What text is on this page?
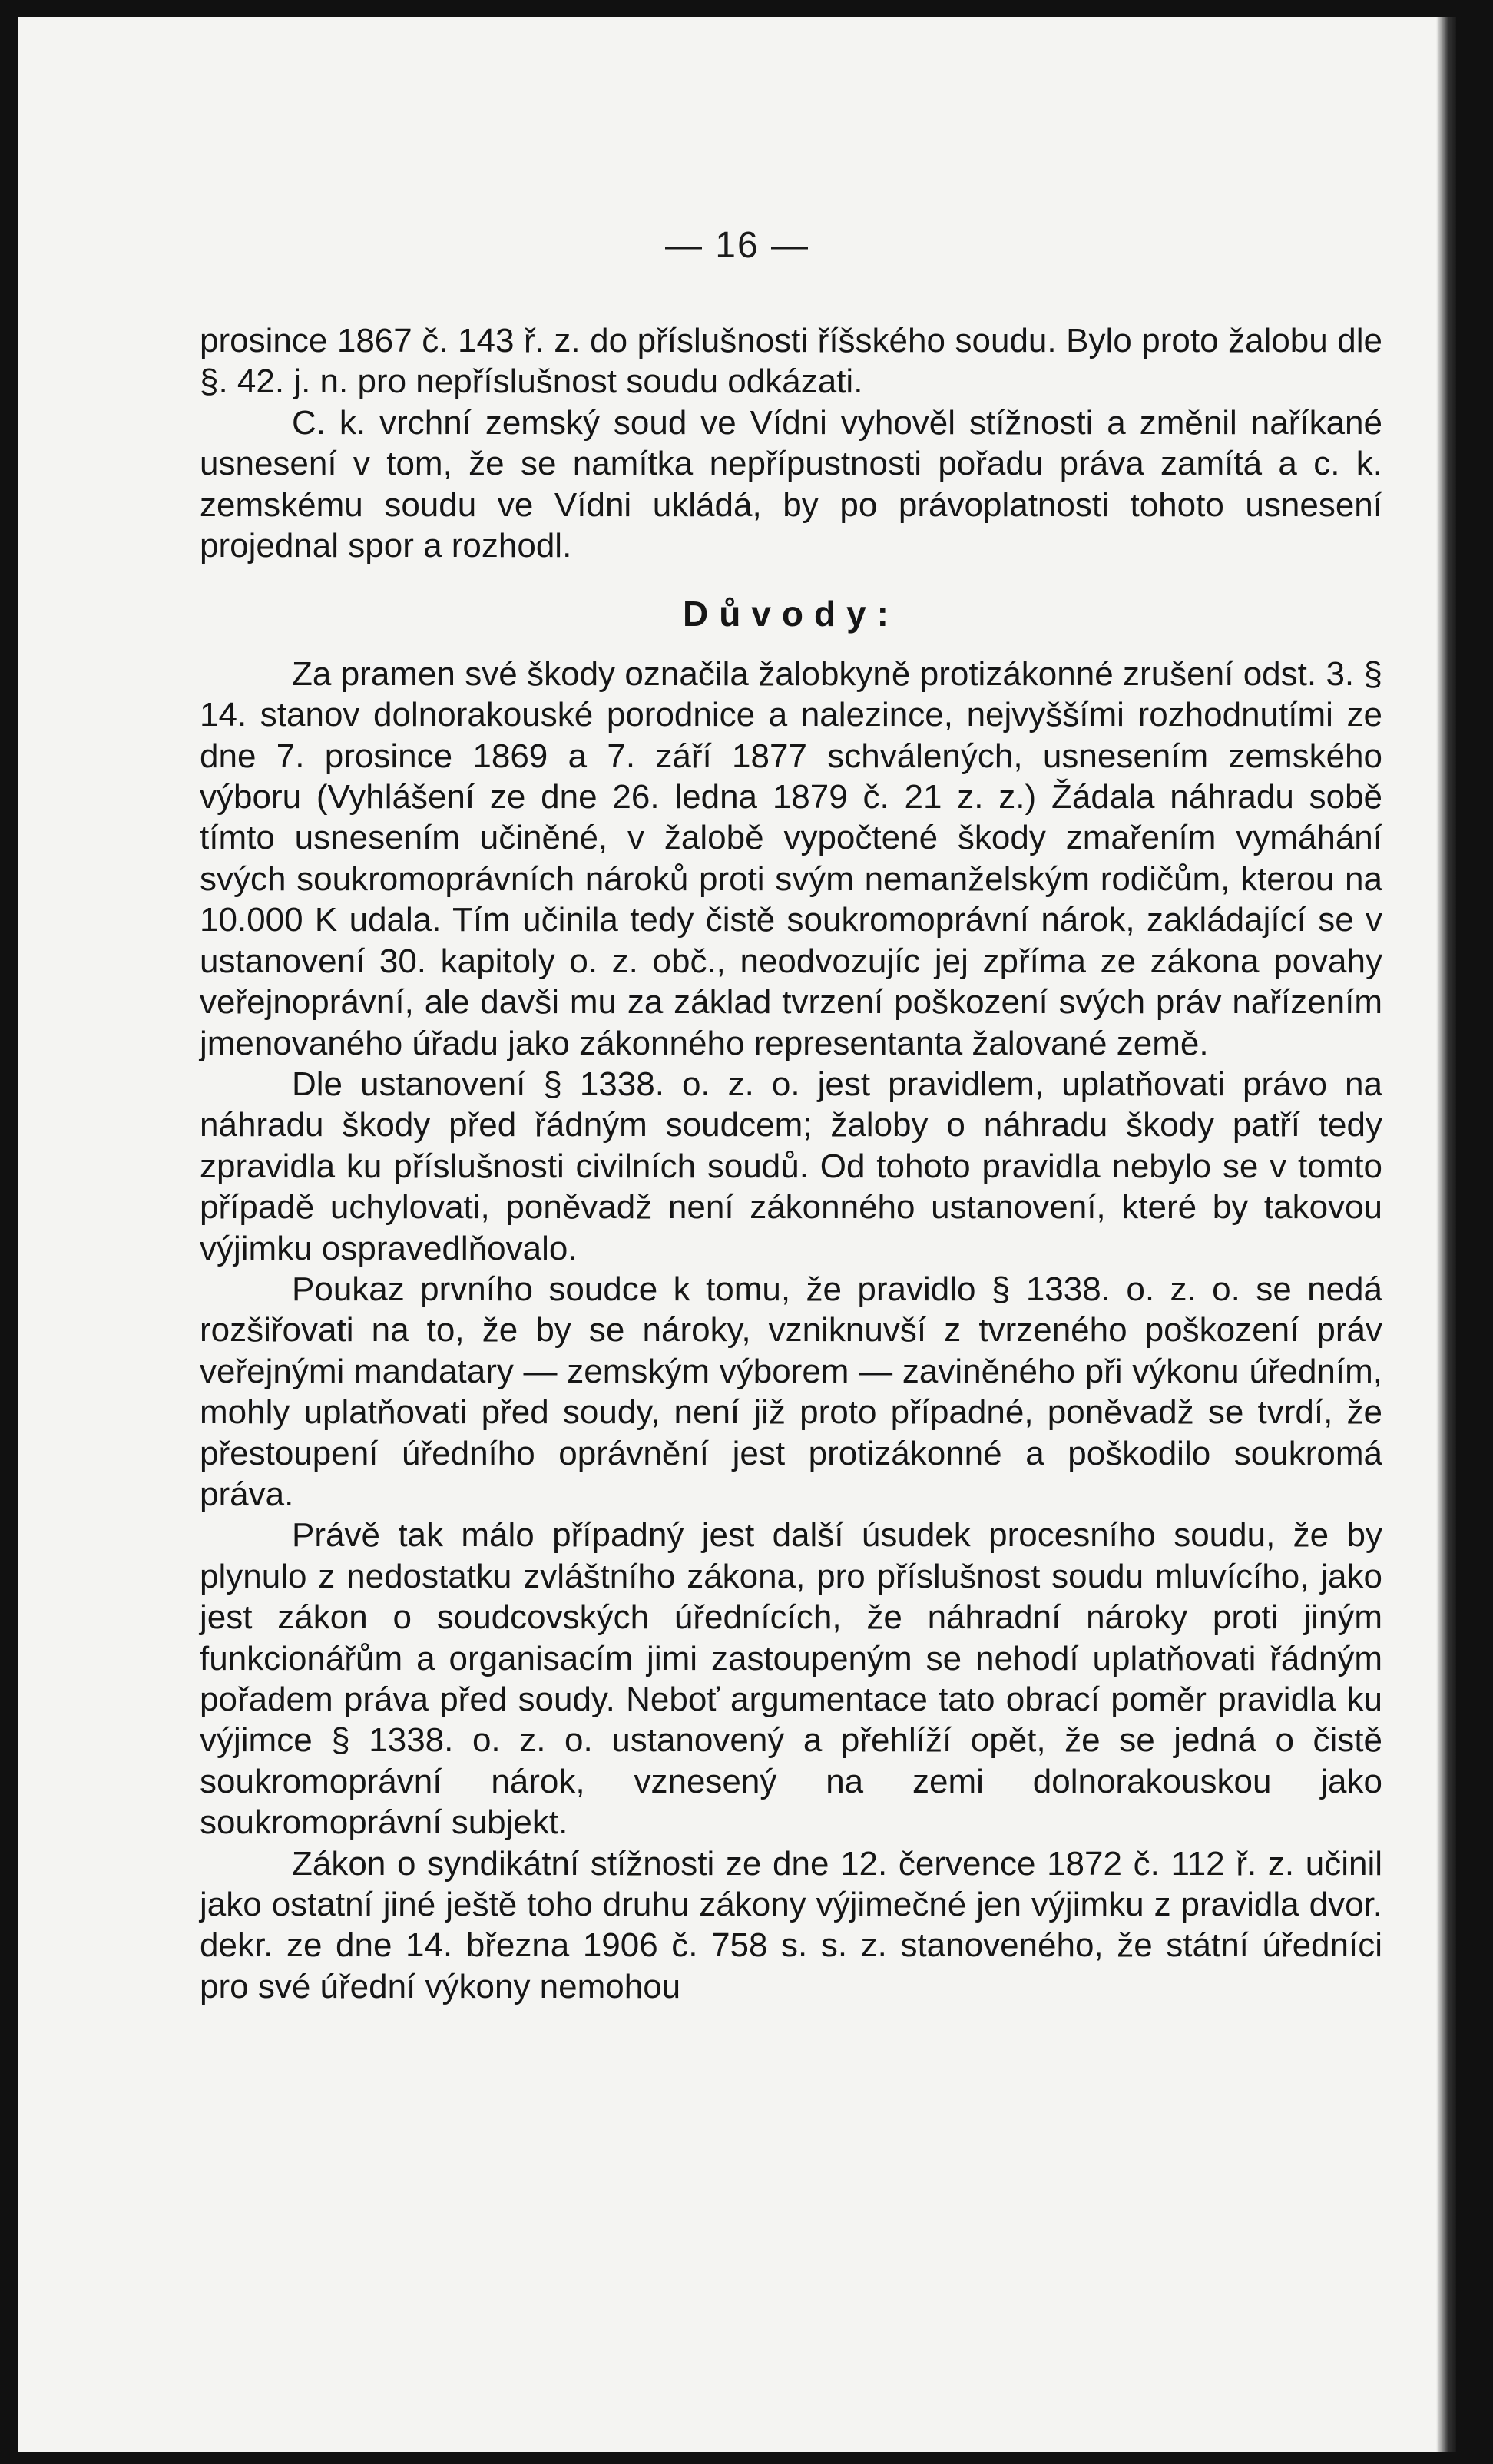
— 16 —

prosince 1867 č. 143 ř. z. do příslušnosti říšského soudu. Bylo proto žalobu dle §. 42. j. n. pro nepříslušnost soudu odkázati.

C. k. vrchní zemský soud ve Vídni vyhověl stížnosti a změnil naříkané usnesení v tom, že se namítka nepřípustnosti pořadu práva zamítá a c. k. zemskému soudu ve Vídni ukládá, by po právoplatnosti tohoto usnesení projednal spor a rozhodl.

Důvody:

Za pramen své škody označila žalobkyně protizákonné zrušení odst. 3. § 14. stanov dolnorakouské porodnice a nalezince, nejvyššími rozhodnutími ze dne 7. prosince 1869 a 7. září 1877 schválených, usnesením zemského výboru (Vyhlášení ze dne 26. ledna 1879 č. 21 z. z.) Žádala náhradu sobě tímto usnesením učiněné, v žalobě vypočtené škody zmařením vymáhání svých soukromoprávních nároků proti svým nemanželským rodičům, kterou na 10.000 K udala. Tím učinila tedy čistě soukromoprávní nárok, zakládající se v ustanovení 30. kapitoly o. z. obč., neodvozujíc jej zpříma ze zákona povahy veřejnoprávní, ale davši mu za základ tvrzení poškození svých práv nařízením jmenovaného úřadu jako zákonného representanta žalované země.

Dle ustanovení § 1338. o. z. o. jest pravidlem, uplatňovati právo na náhradu škody před řádným soudcem; žaloby o náhradu škody patří tedy zpravidla ku příslušnosti civilních soudů. Od tohoto pravidla nebylo se v tomto případě uchylovati, poněvadž není zákonného ustanovení, které by takovou výjimku ospravedlňovalo.

Poukaz prvního soudce k tomu, že pravidlo § 1338. o. z. o. se nedá rozšiřovati na to, že by se nároky, vzniknuvší z tvrzeného poškození práv veřejnými mandatary — zemským výborem — zaviněného při výkonu úředním, mohly uplatňovati před soudy, není již proto případné, poněvadž se tvrdí, že přestoupení úředního oprávnění jest protizákonné a poškodilo soukromá práva.

Právě tak málo případný jest další úsudek procesního soudu, že by plynulo z nedostatku zvláštního zákona, pro příslušnost soudu mluvícího, jako jest zákon o soudcovských úřednících, že náhradní nároky proti jiným funkcionářům a organisacím jimi zastoupeným se nehodí uplatňovati řádným pořadem práva před soudy. Neboť argumentace tato obrací poměr pravidla ku výjimce § 1338. o. z. o. ustanovený a přehlíží opět, že se jedná o čistě soukromoprávní nárok, vznesený na zemi dolnorakouskou jako soukromoprávní subjekt.

Zákon o syndikátní stížnosti ze dne 12. července 1872 č. 112 ř. z. učinil jako ostatní jiné ještě toho druhu zákony výjimečné jen výjimku z pravidla dvor. dekr. ze dne 14. března 1906 č. 758 s. s. z. stanoveného, že státní úředníci pro své úřední výkony nemohou
